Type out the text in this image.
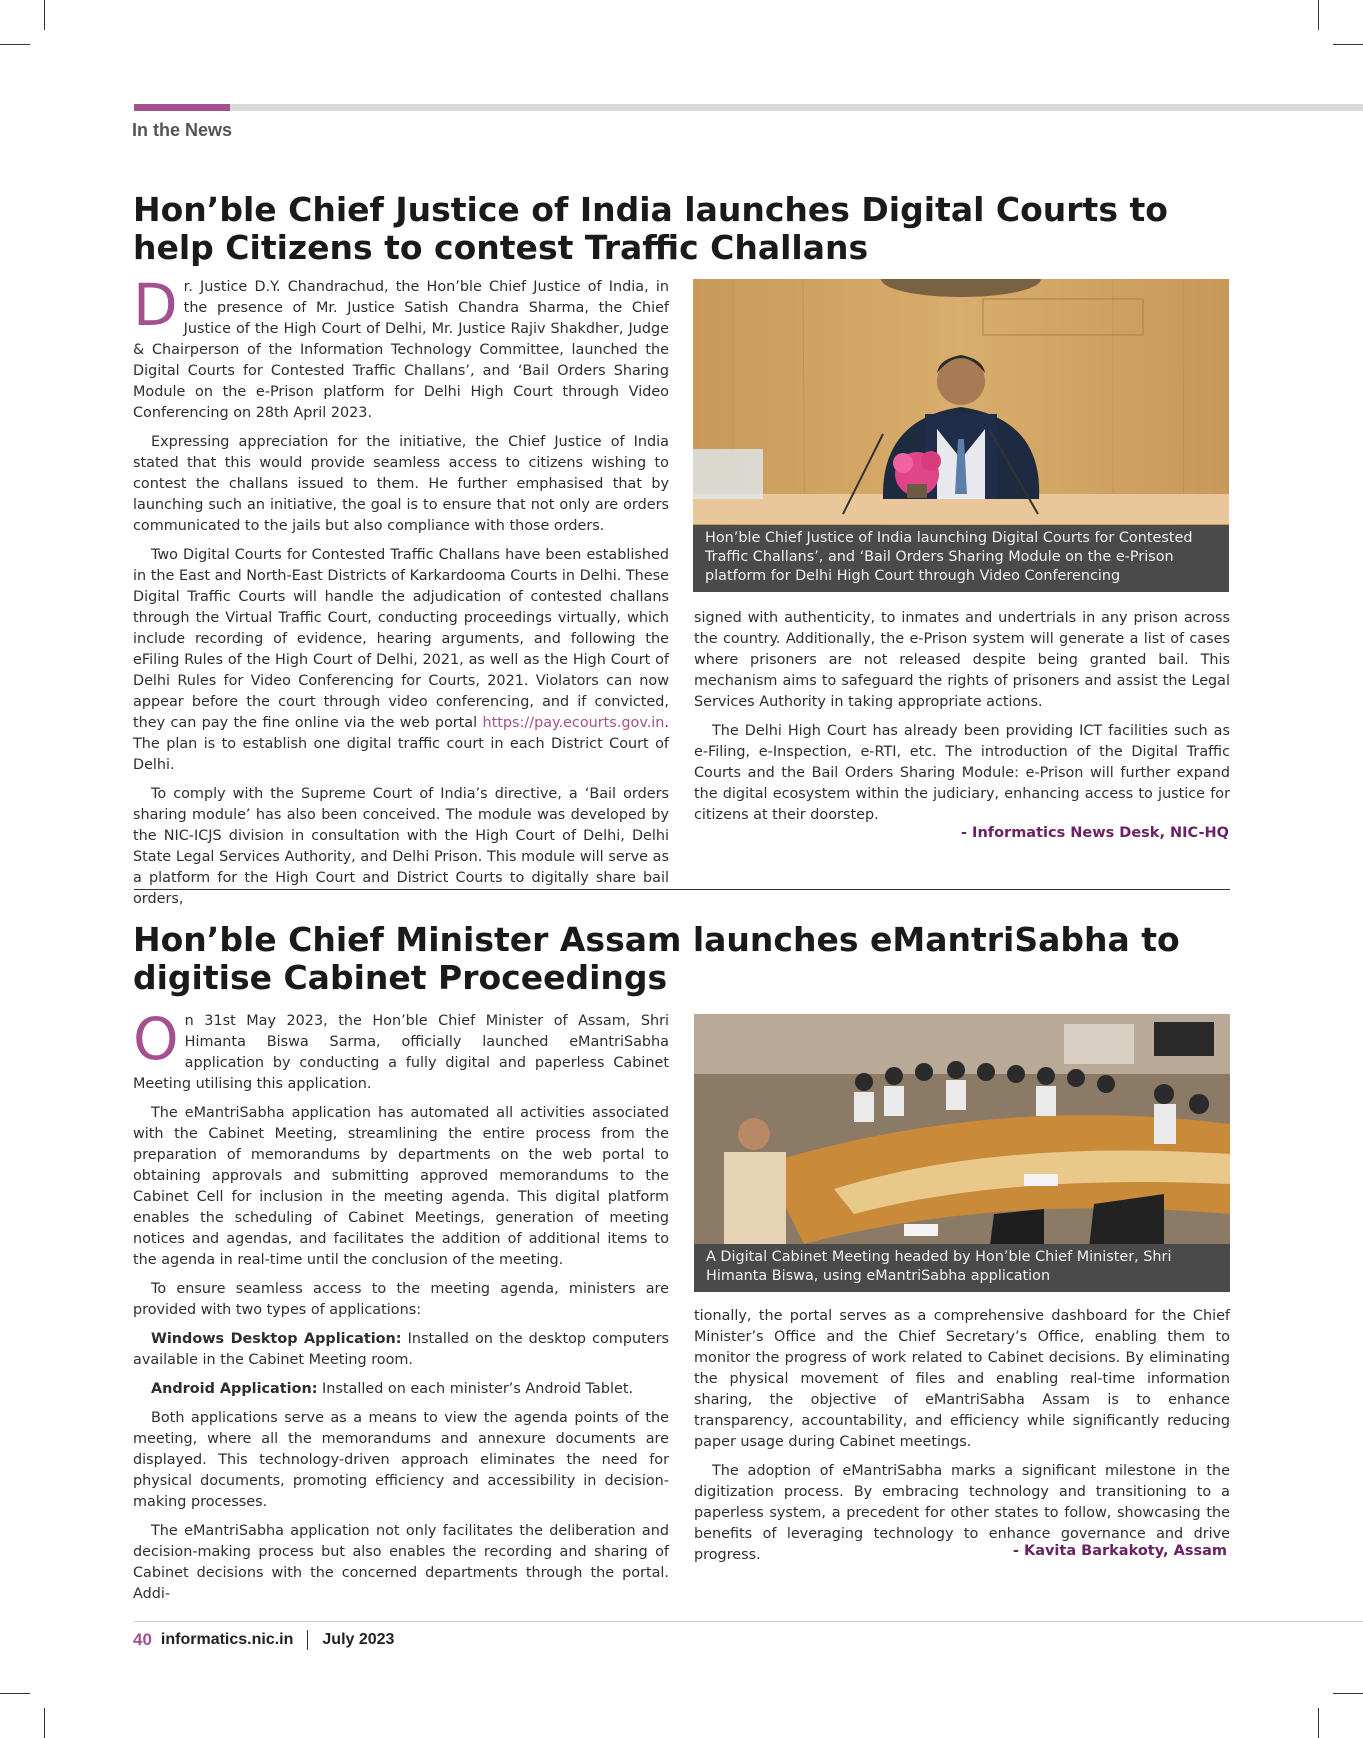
In the News
Hon’ble Chief Justice of India launches Digital Courts to help Citizens to contest Traffic Challans

Dr. Justice D.Y. Chandrachud, the Hon’ble Chief Justice of India, in the presence of Mr. Justice Satish Chandra Sharma, the Chief Justice of the High Court of Delhi, Mr. Justice Rajiv Shakdher, Judge & Chairperson of the Information Technology Committee, launched the Digital Courts for Contested Traffic Challans’, and ‘Bail Orders Sharing Module on the e-Prison platform for Delhi High Court through Video Conferencing on 28th April 2023.

Expressing appreciation for the initiative, the Chief Justice of India stated that this would provide seamless access to citizens wishing to contest the challans issued to them. He further emphasised that by launching such an initiative, the goal is to ensure that not only are orders communicated to the jails but also compliance with those orders.

Two Digital Courts for Contested Traffic Challans have been established in the East and North-East Districts of Karkardooma Courts in Delhi. These Digital Traffic Courts will handle the adjudication of contested challans through the Virtual Traffic Court, conducting proceedings virtually, which include recording of evidence, hearing arguments, and following the eFiling Rules of the High Court of Delhi, 2021, as well as the High Court of Delhi Rules for Video Conferencing for Courts, 2021. Violators can now appear before the court through video conferencing, and if convicted, they can pay the fine online via the web portal https://pay.ecourts.gov.in. The plan is to establish one digital traffic court in each District Court of Delhi.

To comply with the Supreme Court of India’s directive, a ‘Bail orders sharing module’ has also been conceived. The module was developed by the NIC-ICJS division in consultation with the High Court of Delhi, Delhi State Legal Services Authority, and Delhi Prison. This module will serve as a platform for the High Court and District Courts to digitally share bail orders,

Hon’ble Chief Justice of India launching Digital Courts for Contested Traffic Challans’, and ‘Bail Orders Sharing Module on the e-Prison platform for Delhi High Court through Video Conferencing

signed with authenticity, to inmates and undertrials in any prison across the country. Additionally, the e-Prison system will generate a list of cases where prisoners are not released despite being granted bail. This mechanism aims to safeguard the rights of prisoners and assist the Legal Services Authority in taking appropriate actions.

The Delhi High Court has already been providing ICT facilities such as e-Filing, e-Inspection, e-RTI, etc. The introduction of the Digital Traffic Courts and the Bail Orders Sharing Module: e-Prison will further expand the digital ecosystem within the judiciary, enhancing access to justice for citizens at their doorstep.

- Informatics News Desk, NIC-HQ
Hon’ble Chief Minister Assam launches eMantriSabha to digitise Cabinet Proceedings

On 31st May 2023, the Hon’ble Chief Minister of Assam, Shri Himanta Biswa Sarma, officially launched eMantriSabha application by conducting a fully digital and paperless Cabinet Meeting utilising this application.

The eMantriSabha application has automated all activities associated with the Cabinet Meeting, streamlining the entire process from the preparation of memorandums by departments on the web portal to obtaining approvals and submitting approved memorandums to the Cabinet Cell for inclusion in the meeting agenda. This digital platform enables the scheduling of Cabinet Meetings, generation of meeting notices and agendas, and facilitates the addition of additional items to the agenda in real-time until the conclusion of the meeting.

To ensure seamless access to the meeting agenda, ministers are provided with two types of applications:

Windows Desktop Application: Installed on the desktop computers available in the Cabinet Meeting room.

Android Application: Installed on each minister’s Android Tablet.

Both applications serve as a means to view the agenda points of the meeting, where all the memorandums and annexure documents are displayed. This technology-driven approach eliminates the need for physical documents, promoting efficiency and accessibility in decision-making processes.

The eMantriSabha application not only facilitates the deliberation and decision-making process but also enables the recording and sharing of Cabinet decisions with the concerned departments through the portal. Addi-

A Digital Cabinet Meeting headed by Hon’ble Chief Minister, Shri Himanta Biswa, using eMantriSabha application

tionally, the portal serves as a comprehensive dashboard for the Chief Minister’s Office and the Chief Secretary’s Office, enabling them to monitor the progress of work related to Cabinet decisions. By eliminating the physical movement of files and enabling real-time information sharing, the objective of eMantriSabha Assam is to enhance transparency, accountability, and efficiency while significantly reducing paper usage during Cabinet meetings.

The adoption of eMantriSabha marks a significant milestone in the digitization process. By embracing technology and transitioning to a paperless system, a precedent for other states to follow, showcasing the benefits of leveraging technology to enhance governance and drive progress.	- Kavita Barkakoty, Assam
40 informatics.nic.in July 2023
